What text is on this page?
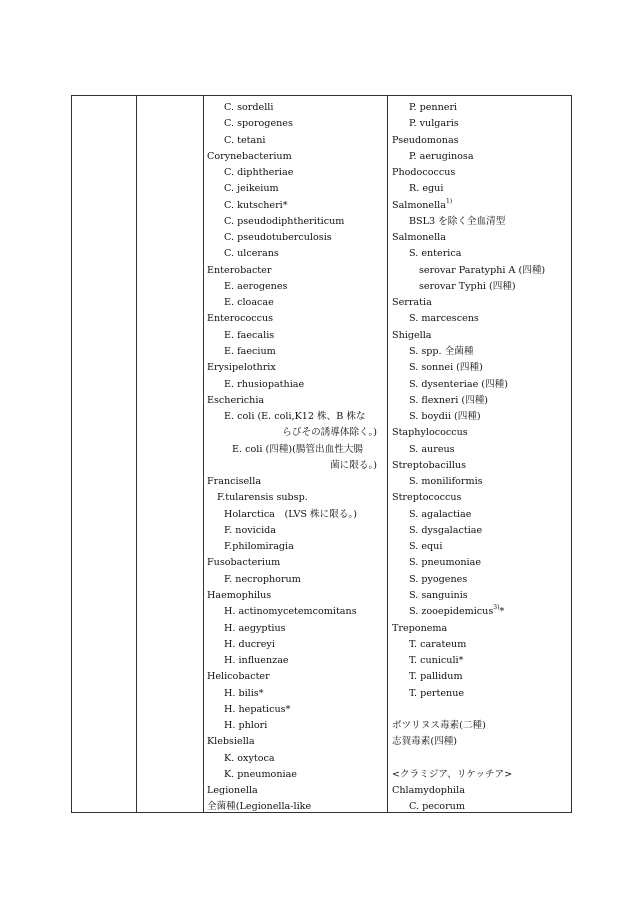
C. sordelli
C. sporogenes
C. tetani
Corynebacterium
C. diphtheriae
C. jeikeium
C. kutscheri*
C. pseudodiphtheriticum
C. pseudotuberculosis
C. ulcerans
Enterobacter
E. aerogenes
E. cloacae
Enterococcus
E. faecalis
E. faecium
Erysipelothrix
E. rhusiopathiae
Escherichia
E. coli (E. coli,K12 株、B 株な
らびその誘導体除く。)
E. coli (四種)(腸管出血性大腸
菌に限る。)
Francisella
F.tularensis subsp.
Holarctica　(LVS 株に限る。)
F. novicida
F.philomiragia
Fusobacterium
F. necrophorum
Haemophilus
H. actinomycetemcomitans
H. aegyptius
H. ducreyi
H. influenzae
Helicobacter
H. bilis*
H. hepaticus*
H. phlori
Klebsiella
K. oxytoca
K. pneumoniae
Legionella
全菌種(Legionella-like
P. penneri
P. vulgaris
Pseudomonas
P. aeruginosa
Phodococcus
R. egui
Salmonella$^{1)}$
BSL3 を除く全血清型
Salmonella
S. enterica
serovar Paratyphi A (四種)
serovar Typhi (四種)
Serratia
S. marcescens
Shigella
S. spp. 全菌種
S. sonnei (四種)
S. dysenteriae (四種)
S. flexneri (四種)
S. boydii (四種)
Staphylococcus
S. aureus
Streptobacillus
S. moniliformis
Streptococcus
S. agalactiae
S. dysgalactiae
S. equi
S. pneumoniae
S. pyogenes
S. sanguinis
S. zooepidemicus$^{3)}$*
Treponema
T. carateum
T. cuniculi*
T. pallidum
T. pertenue
ボツリヌス毒素(二種)
志賀毒素(四種)
<クラミジア、リケッチア>
Chlamydophila
C. pecorum
